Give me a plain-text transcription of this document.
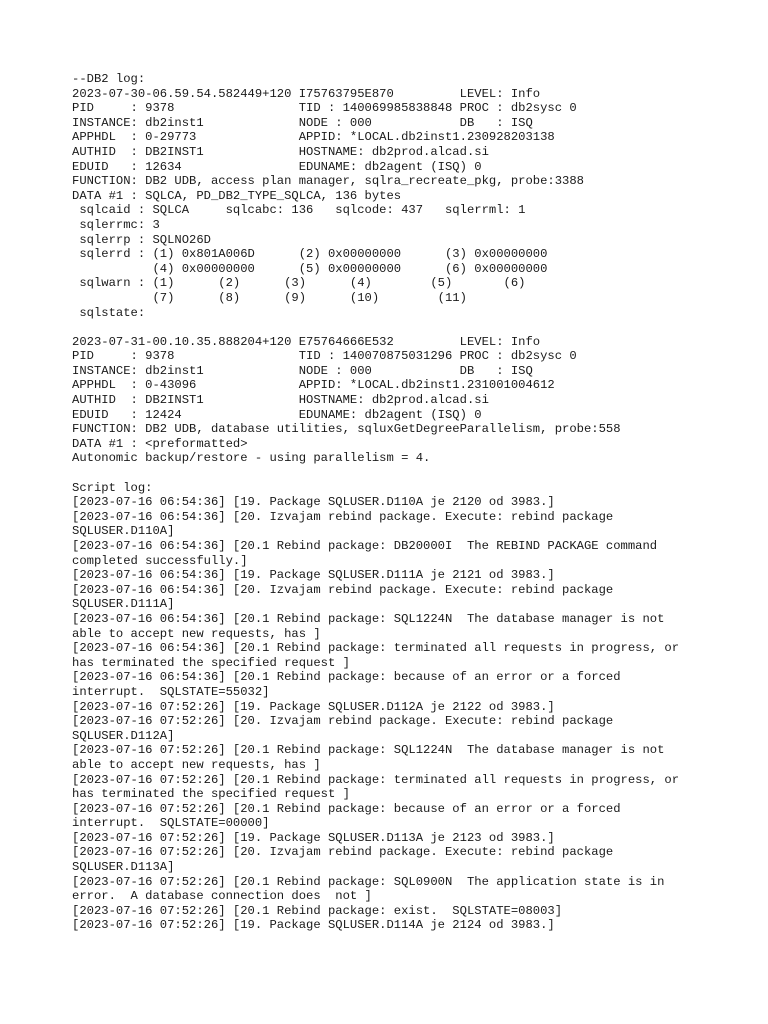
--DB2 log:
2023-07-30-06.59.54.582449+120 I75763795E870         LEVEL: Info
PID     : 9378                 TID : 140069985838848 PROC : db2sysc 0
INSTANCE: db2inst1             NODE : 000            DB   : ISQ
APPHDL  : 0-29773              APPID: *LOCAL.db2inst1.230928203138
AUTHID  : DB2INST1             HOSTNAME: db2prod.alcad.si
EDUID   : 12634                EDUNAME: db2agent (ISQ) 0
FUNCTION: DB2 UDB, access plan manager, sqlra_recreate_pkg, probe:3388
DATA #1 : SQLCA, PD_DB2_TYPE_SQLCA, 136 bytes
sqlcaid : SQLCA     sqlcabc: 136   sqlcode: 437   sqlerrml: 1
sqlerrmc: 3
sqlerrp : SQLNO26D
sqlerrd : (1) 0x801A006D      (2) 0x00000000      (3) 0x00000000
(4) 0x00000000      (5) 0x00000000      (6) 0x00000000
sqlwarn : (1)      (2)      (3)      (4)        (5)       (6)
(7)      (8)      (9)      (10)        (11)
sqlstate:
2023-07-31-00.10.35.888204+120 E75764666E532         LEVEL: Info
PID     : 9378                 TID : 140070875031296 PROC : db2sysc 0
INSTANCE: db2inst1             NODE : 000            DB   : ISQ
APPHDL  : 0-43096              APPID: *LOCAL.db2inst1.231001004612
AUTHID  : DB2INST1             HOSTNAME: db2prod.alcad.si
EDUID   : 12424                EDUNAME: db2agent (ISQ) 0
FUNCTION: DB2 UDB, database utilities, sqluxGetDegreeParallelism, probe:558
DATA #1 : <preformatted>
Autonomic backup/restore - using parallelism = 4.
Script log:
[2023-07-16 06:54:36] [19. Package SQLUSER.D110A je 2120 od 3983.]
[2023-07-16 06:54:36] [20. Izvajam rebind package. Execute: rebind package
SQLUSER.D110A]
[2023-07-16 06:54:36] [20.1 Rebind package: DB20000I  The REBIND PACKAGE command
completed successfully.]
[2023-07-16 06:54:36] [19. Package SQLUSER.D111A je 2121 od 3983.]
[2023-07-16 06:54:36] [20. Izvajam rebind package. Execute: rebind package
SQLUSER.D111A]
[2023-07-16 06:54:36] [20.1 Rebind package: SQL1224N  The database manager is not
able to accept new requests, has ]
[2023-07-16 06:54:36] [20.1 Rebind package: terminated all requests in progress, or
has terminated the specified request ]
[2023-07-16 06:54:36] [20.1 Rebind package: because of an error or a forced
interrupt.  SQLSTATE=55032]
[2023-07-16 07:52:26] [19. Package SQLUSER.D112A je 2122 od 3983.]
[2023-07-16 07:52:26] [20. Izvajam rebind package. Execute: rebind package
SQLUSER.D112A]
[2023-07-16 07:52:26] [20.1 Rebind package: SQL1224N  The database manager is not
able to accept new requests, has ]
[2023-07-16 07:52:26] [20.1 Rebind package: terminated all requests in progress, or
has terminated the specified request ]
[2023-07-16 07:52:26] [20.1 Rebind package: because of an error or a forced
interrupt.  SQLSTATE=00000]
[2023-07-16 07:52:26] [19. Package SQLUSER.D113A je 2123 od 3983.]
[2023-07-16 07:52:26] [20. Izvajam rebind package. Execute: rebind package
SQLUSER.D113A]
[2023-07-16 07:52:26] [20.1 Rebind package: SQL0900N  The application state is in
error.  A database connection does  not ]
[2023-07-16 07:52:26] [20.1 Rebind package: exist.  SQLSTATE=08003]
[2023-07-16 07:52:26] [19. Package SQLUSER.D114A je 2124 od 3983.]
